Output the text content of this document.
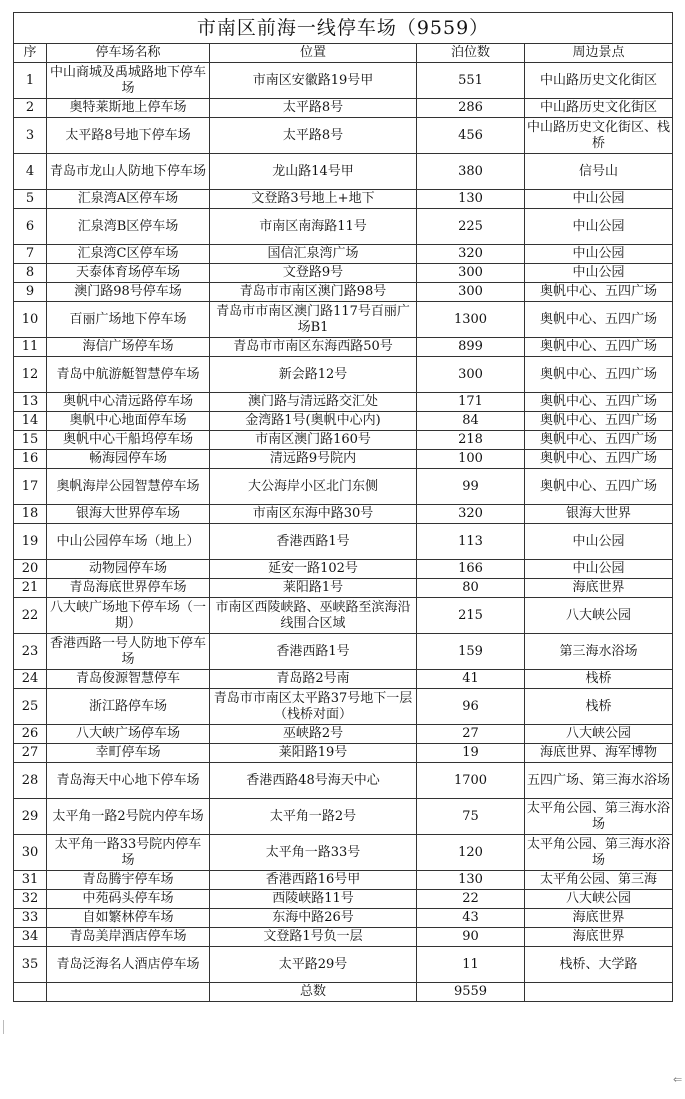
市南区前海一线停车场（9559）				
序	停车场名称	位置	泊位数	周边景点
1	中山商城及禹城路地下停车场	市南区安徽路19号甲	551	中山路历史文化街区
2	奥特莱斯地上停车场	太平路8号	286	中山路历史文化街区
3	太平路8号地下停车场	太平路8号	456	中山路历史文化街区、栈桥
4	青岛市龙山人防地下停车场	龙山路14号甲	380	信号山
5	汇泉湾A区停车场	文登路3号地上+地下	130	中山公园
6	汇泉湾B区停车场	市南区南海路11号	225	中山公园
7	汇泉湾C区停车场	国信汇泉湾广场	320	中山公园
8	天泰体育场停车场	文登路9号	300	中山公园
9	澳门路98号停车场	青岛市市南区澳门路98号	300	奥帆中心、五四广场
10	百丽广场地下停车场	青岛市市南区澳门路117号百丽广场B1	1300	奥帆中心、五四广场
11	海信广场停车场	青岛市市南区东海西路50号	899	奥帆中心、五四广场
12	青岛中航游艇智慧停车场	新会路12号	300	奥帆中心、五四广场
13	奥帆中心清远路停车场	澳门路与清远路交汇处	171	奥帆中心、五四广场
14	奥帆中心地面停车场	金湾路1号(奥帆中心内)	84	奥帆中心、五四广场
15	奥帆中心干船坞停车场	市南区澳门路160号	218	奥帆中心、五四广场
16	畅海园停车场	清远路9号院内	100	奥帆中心、五四广场
17	奥帆海岸公园智慧停车场	大公海岸小区北门东侧	99	奥帆中心、五四广场
18	银海大世界停车场	市南区东海中路30号	320	银海大世界
19	中山公园停车场（地上）	香港西路1号	113	中山公园
20	动物园停车场	延安一路102号	166	中山公园
21	青岛海底世界停车场	莱阳路1号	80	海底世界
22	八大峡广场地下停车场（一期）	市南区西陵峡路、巫峡路至滨海沿线围合区域	215	八大峡公园
23	香港西路一号人防地下停车场	香港西路1号	159	第三海水浴场
24	青岛俊源智慧停车	青岛路2号南	41	栈桥
25	浙江路停车场	青岛市市南区太平路37号地下一层（栈桥对面）	96	栈桥
26	八大峡广场停车场	巫峡路2号	27	八大峡公园
27	幸町停车场	莱阳路19号	19	海底世界、海军博物
28	青岛海天中心地下停车场	香港西路48号海天中心	1700	五四广场、第三海水浴场
29	太平角一路2号院内停车场	太平角一路2号	75	太平角公园、第三海水浴场
30	太平角一路33号院内停车场	太平角一路33号	120	太平角公园、第三海水浴场
31	青岛腾宇停车场	香港西路16号甲	130	太平角公园、第三海
32	中苑码头停车场	西陵峡路11号	22	八大峡公园
33	自如繁林停车场	东海中路26号	43	海底世界
34	青岛美岸酒店停车场	文登路1号负一层	90	海底世界
35	青岛泛海名人酒店停车场	太平路29号	11	栈桥、大学路
		总数	9559	
⇐
